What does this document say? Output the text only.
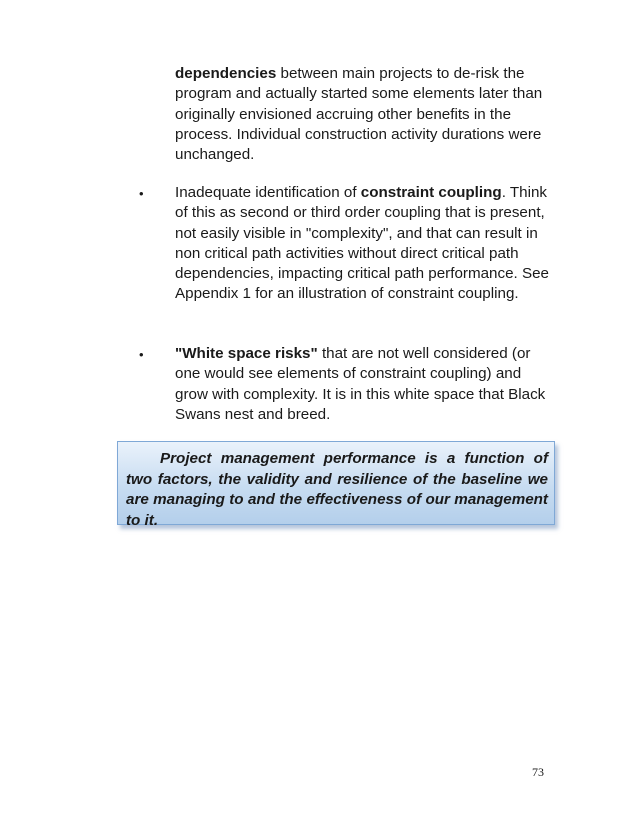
dependencies between main projects to de-risk the program and actually started some elements later than originally envisioned accruing other benefits in the process. Individual construction activity durations were unchanged.

• Inadequate identification of constraint coupling. Think of this as second or third order coupling that is present, not easily visible in "complexity", and that can result in non critical path activities without direct critical path dependencies, impacting critical path performance. See Appendix 1 for an illustration of constraint coupling.

• "White space risks" that are not well considered (or one would see elements of constraint coupling) and grow with complexity. It is in this white space that Black Swans nest and breed.

Project management performance is a function of two factors, the validity and resilience of the baseline we are managing to and the effectiveness of our management to it.

73
